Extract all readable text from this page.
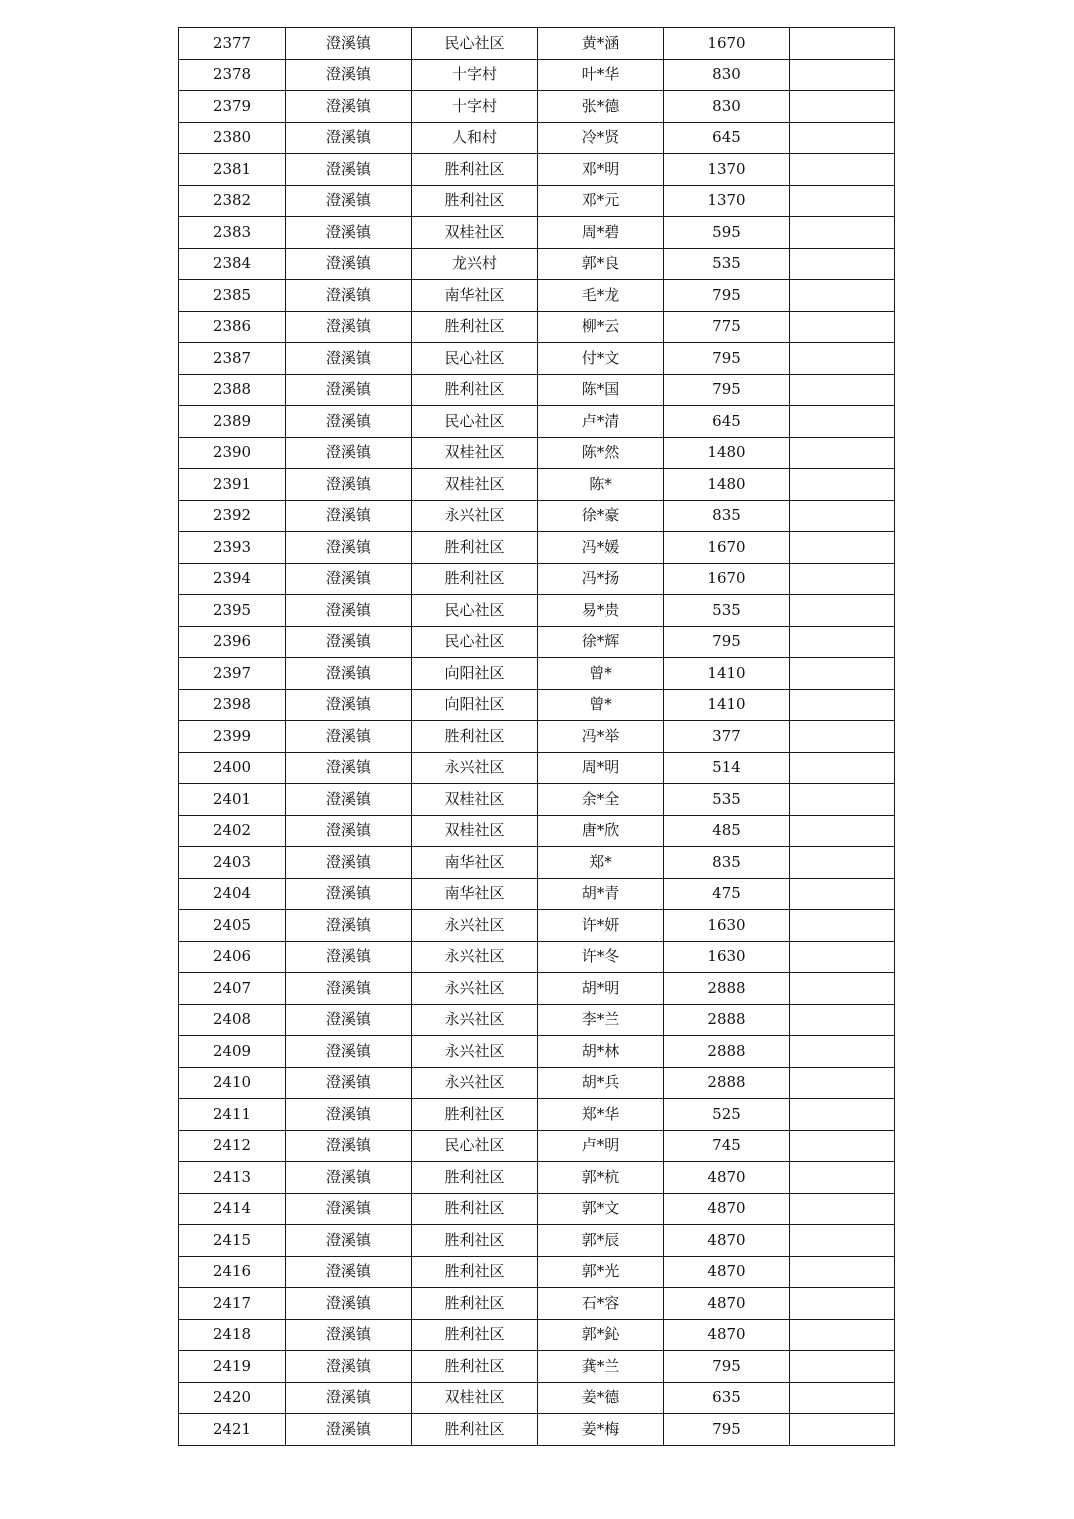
2377	澄溪镇	民心社区	黄*涵	1670	
2378	澄溪镇	十字村	叶*华	830	
2379	澄溪镇	十字村	张*德	830	
2380	澄溪镇	人和村	冷*贤	645	
2381	澄溪镇	胜利社区	邓*明	1370	
2382	澄溪镇	胜利社区	邓*元	1370	
2383	澄溪镇	双桂社区	周*碧	595	
2384	澄溪镇	龙兴村	郭*良	535	
2385	澄溪镇	南华社区	毛*龙	795	
2386	澄溪镇	胜利社区	柳*云	775	
2387	澄溪镇	民心社区	付*文	795	
2388	澄溪镇	胜利社区	陈*国	795	
2389	澄溪镇	民心社区	卢*清	645	
2390	澄溪镇	双桂社区	陈*然	1480	
2391	澄溪镇	双桂社区	陈*	1480	
2392	澄溪镇	永兴社区	徐*豪	835	
2393	澄溪镇	胜利社区	冯*媛	1670	
2394	澄溪镇	胜利社区	冯*扬	1670	
2395	澄溪镇	民心社区	易*贵	535	
2396	澄溪镇	民心社区	徐*辉	795	
2397	澄溪镇	向阳社区	曾*	1410	
2398	澄溪镇	向阳社区	曾*	1410	
2399	澄溪镇	胜利社区	冯*举	377	
2400	澄溪镇	永兴社区	周*明	514	
2401	澄溪镇	双桂社区	余*全	535	
2402	澄溪镇	双桂社区	唐*欣	485	
2403	澄溪镇	南华社区	郑*	835	
2404	澄溪镇	南华社区	胡*青	475	
2405	澄溪镇	永兴社区	许*妍	1630	
2406	澄溪镇	永兴社区	许*冬	1630	
2407	澄溪镇	永兴社区	胡*明	2888	
2408	澄溪镇	永兴社区	李*兰	2888	
2409	澄溪镇	永兴社区	胡*林	2888	
2410	澄溪镇	永兴社区	胡*兵	2888	
2411	澄溪镇	胜利社区	郑*华	525	
2412	澄溪镇	民心社区	卢*明	745	
2413	澄溪镇	胜利社区	郭*杭	4870	
2414	澄溪镇	胜利社区	郭*文	4870	
2415	澄溪镇	胜利社区	郭*辰	4870	
2416	澄溪镇	胜利社区	郭*光	4870	
2417	澄溪镇	胜利社区	石*容	4870	
2418	澄溪镇	胜利社区	郭*鈊	4870	
2419	澄溪镇	胜利社区	龚*兰	795	
2420	澄溪镇	双桂社区	姜*德	635	
2421	澄溪镇	胜利社区	姜*梅	795	
